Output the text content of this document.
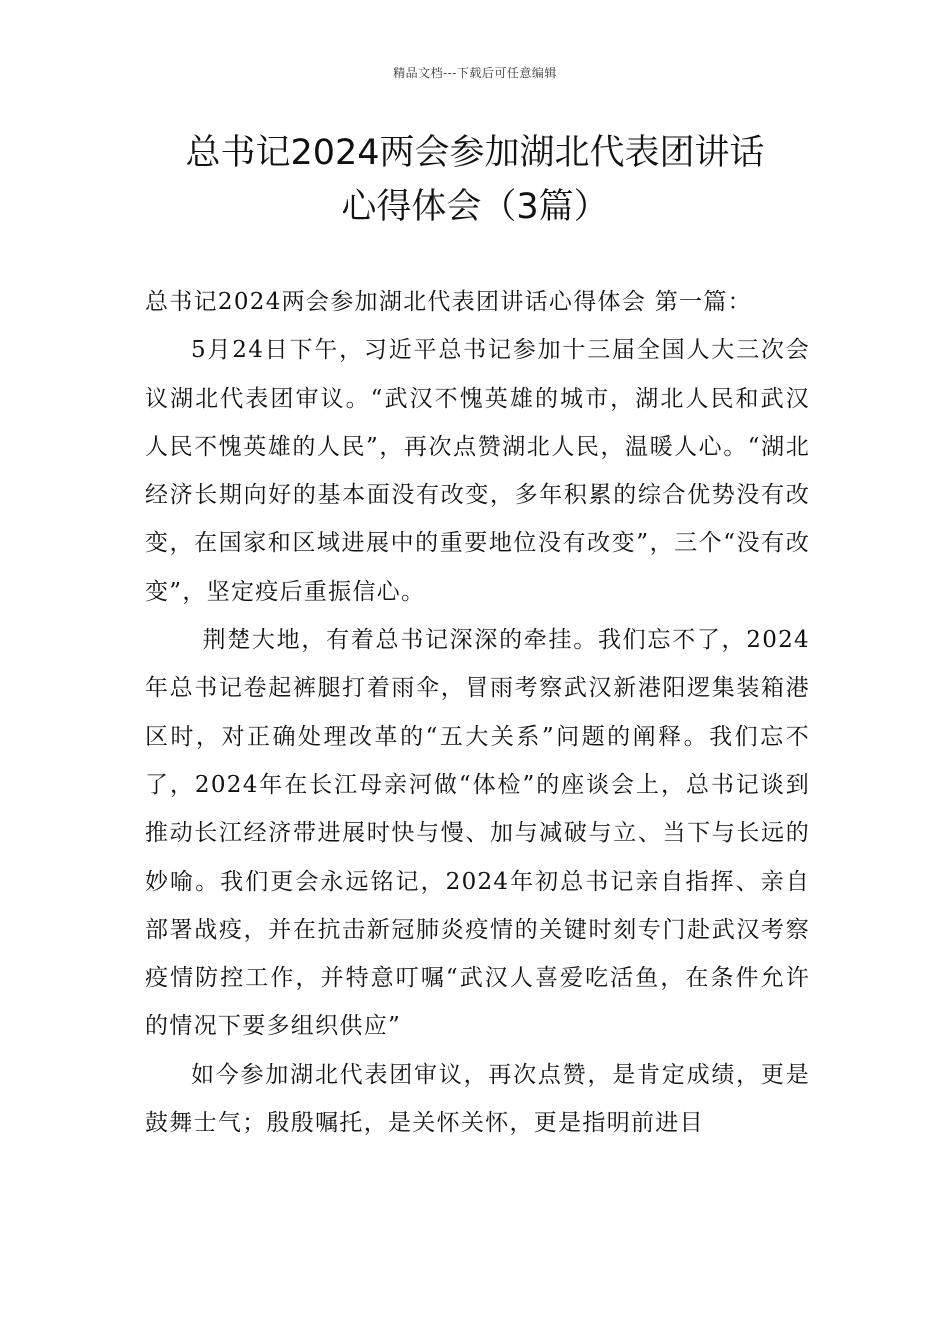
精品文档---下载后可任意编辑
总书记2024两会参加湖北代表团讲话
心得体会（3篇）

总书记2024两会参加湖北代表团讲话心得体会 第一篇：

5月24日下午，习近平总书记参加十三届全国人大三次会议湖北代表团审议。“武汉不愧英雄的城市，湖北人民和武汉人民不愧英雄的人民”，再次点赞湖北人民，温暖人心。“湖北经济长期向好的基本面没有改变，多年积累的综合优势没有改变，在国家和区域进展中的重要地位没有改变”，三个“没有改变”，坚定疫后重振信心。

荆楚大地，有着总书记深深的牵挂。我们忘不了，2024年总书记卷起裤腿打着雨伞，冒雨考察武汉新港阳逻集装箱港区时，对正确处理改革的“五大关系”问题的阐释。我们忘不了，2024年在长江母亲河做“体检”的座谈会上，总书记谈到推动长江经济带进展时快与慢、加与减破与立、当下与长远的妙喻。我们更会永远铭记，2024年初总书记亲自指挥、亲自部署战疫，并在抗击新冠肺炎疫情的关键时刻专门赴武汉考察疫情防控工作，并特意叮嘱“武汉人喜爱吃活鱼，在条件允许的情况下要多组织供应”

如今参加湖北代表团审议，再次点赞，是肯定成绩，更是鼓舞士气；殷殷嘱托，是关怀关怀，更是指明前进目
